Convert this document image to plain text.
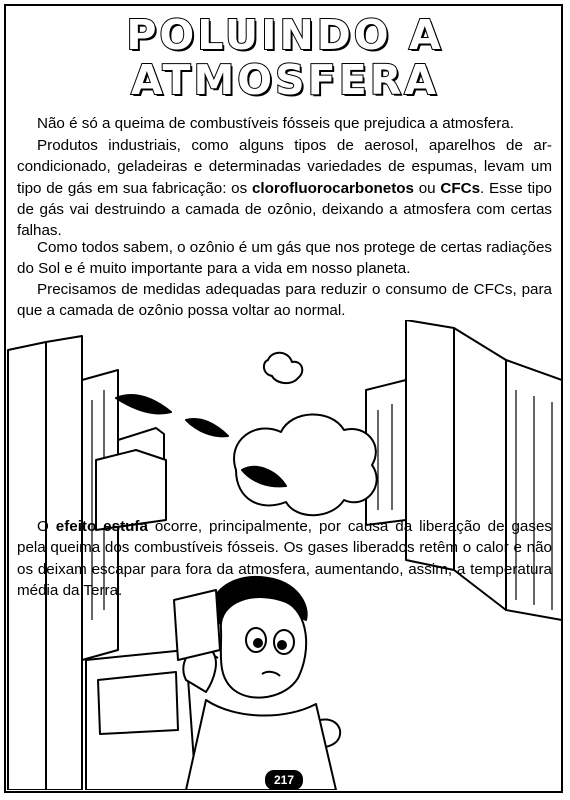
POLUINDO A
ATMOSFERA

Não é só a queima de combustíveis fósseis que prejudica a atmosfera.

Produtos industriais, como alguns tipos de aerosol, aparelhos de ar-condicionado, geladeiras e determinadas variedades de espumas, levam um tipo de gás em sua fabricação: os clorofluorocarbonetos ou CFCs. Esse tipo de gás vai destruindo a camada de ozônio, deixando a atmosfera com certas falhas.

Como todos sabem, o ozônio é um gás que nos protege de certas radiações do Sol e é muito importante para a vida em nosso planeta.

Precisamos de medidas adequadas para reduzir o consumo de CFCs, para que a camada de ozônio possa voltar ao normal.

O efeito estufa ocorre, principalmente, por causa da liberação de gases pela queima dos combustíveis fósseis. Os gases liberados retêm o calor e não os deixam escapar para fora da atmosfera, aumentando, assim, a temperatura média da Terra.

217
